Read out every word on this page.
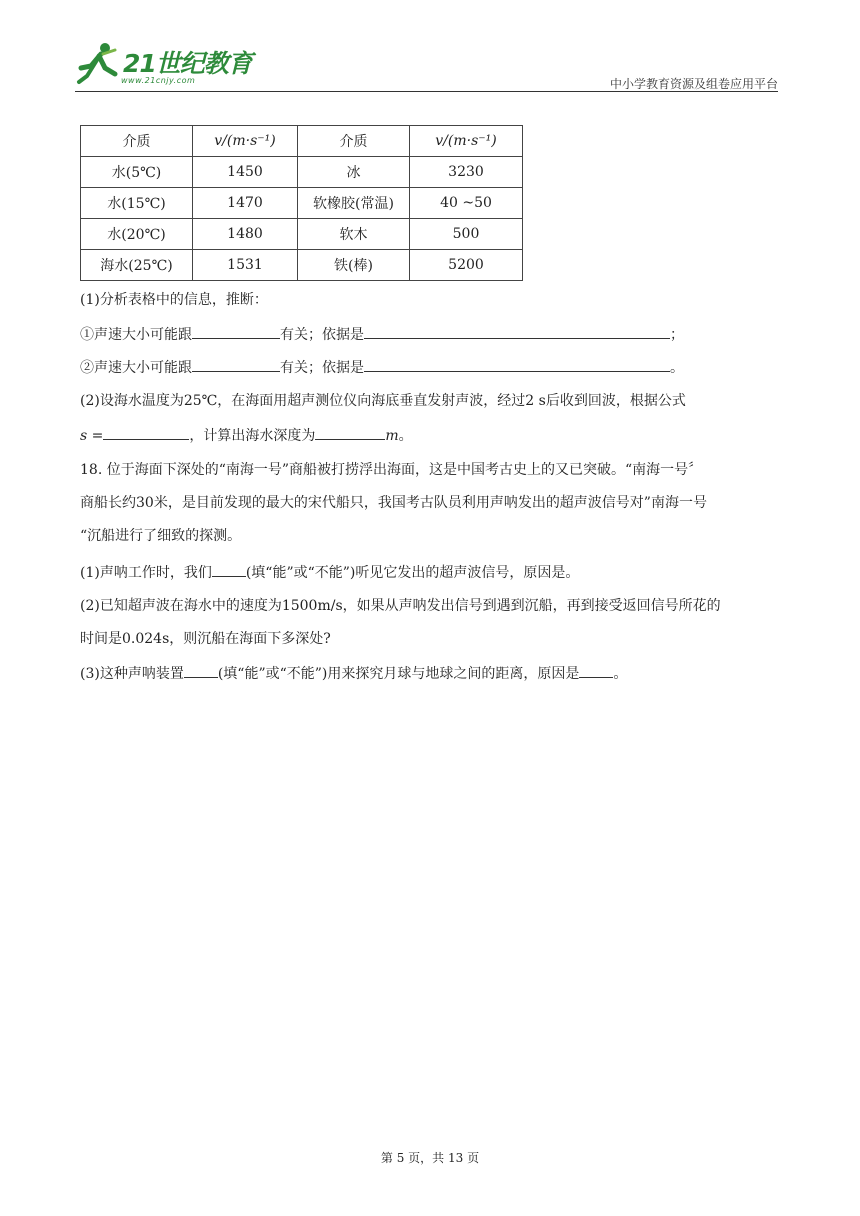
21世纪教育
www.21cnjy.com	中小学教育资源及组卷应用平台
介质	v/(m·s⁻¹)	介质	v/(m·s⁻¹)
水(5℃)	1450	冰	3230
水(15℃)	1470	软橡胶(常温)	40 ~50
水(20℃)	1480	软木	500
海水(25℃)	1531	铁(棒)	5200
(1)分析表格中的信息，推断：
①声速大小可能跟	有关；依据是	；
②声速大小可能跟	有关；依据是	。
(2)设海水温度为25℃，在海面用超声测位仪向海底垂直发射声波，经过2 s后收到回波，根据公式
s =	，计算出海水深度为	m。
18. 位于海面下深处的“南海一号”商船被打捞浮出海面，这是中国考古史上的又已突破。“南海一号〞
商船长约30米，是目前发现的最大的宋代船只，我国考古队员利用声呐发出的超声波信号对”南海一号
“沉船进行了细致的探测。
(1)声呐工作时，我们 (填“能”或“不能”)听见它发出的超声波信号，原因是。
(2)已知超声波在海水中的速度为1500m/s，如果从声呐发出信号到遇到沉船，再到接受返回信号所花的
时间是0.024s，则沉船在海面下多深处?
(3)这种声呐装置 (填“能”或“不能”)用来探究月球与地球之间的距离，原因是 。
第 5 页，共 13 页
